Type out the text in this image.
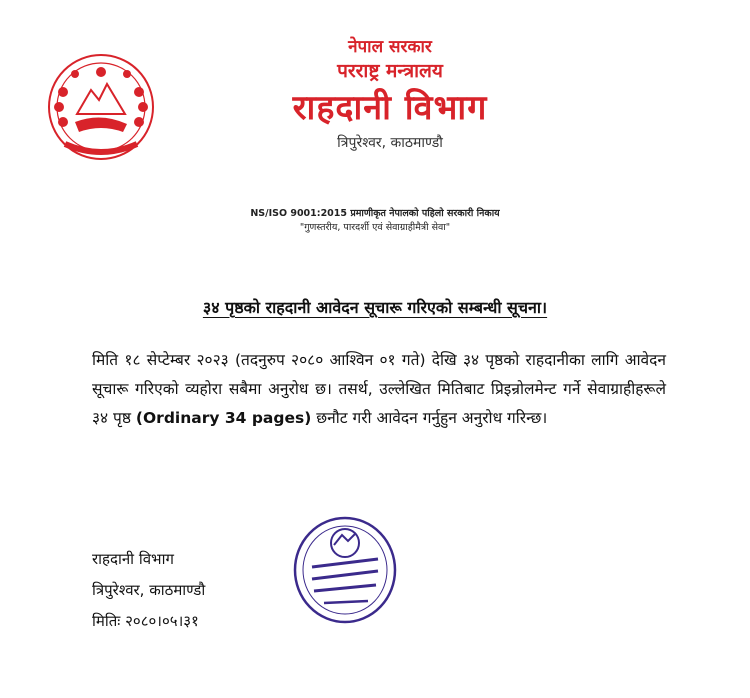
नेपाल सरकार
परराष्ट्र मन्त्रालय
राहदानी विभाग
त्रिपुरेश्वर, काठमाण्डौ
NS/ISO 9001:2015 प्रमाणीकृत नेपालको पहिलो सरकारी निकाय
"गुणस्तरीय, पारदर्शी एवं सेवाग्राहीमैत्री सेवा"
३४ पृष्ठको राहदानी आवेदन सूचारू गरिएको सम्बन्धी सूचना।
मिति १८ सेप्टेम्बर २०२३ (तदनुरुप २०८० आश्विन ०१ गते) देखि ३४ पृष्ठको राहदानीका लागि आवेदन सूचारू गरिएको व्यहोरा सबैमा अनुरोध छ। तसर्थ, उल्लेखित मितिबाट प्रिइन्रोलमेन्ट गर्ने सेवाग्राहीहरूले ३४ पृष्ठ (Ordinary 34 pages) छनौट गरी आवेदन गर्नुहुन अनुरोध गरिन्छ।
राहदानी विभाग
त्रिपुरेश्वर, काठमाण्डौ
मितिः २०८०।०५।३१
